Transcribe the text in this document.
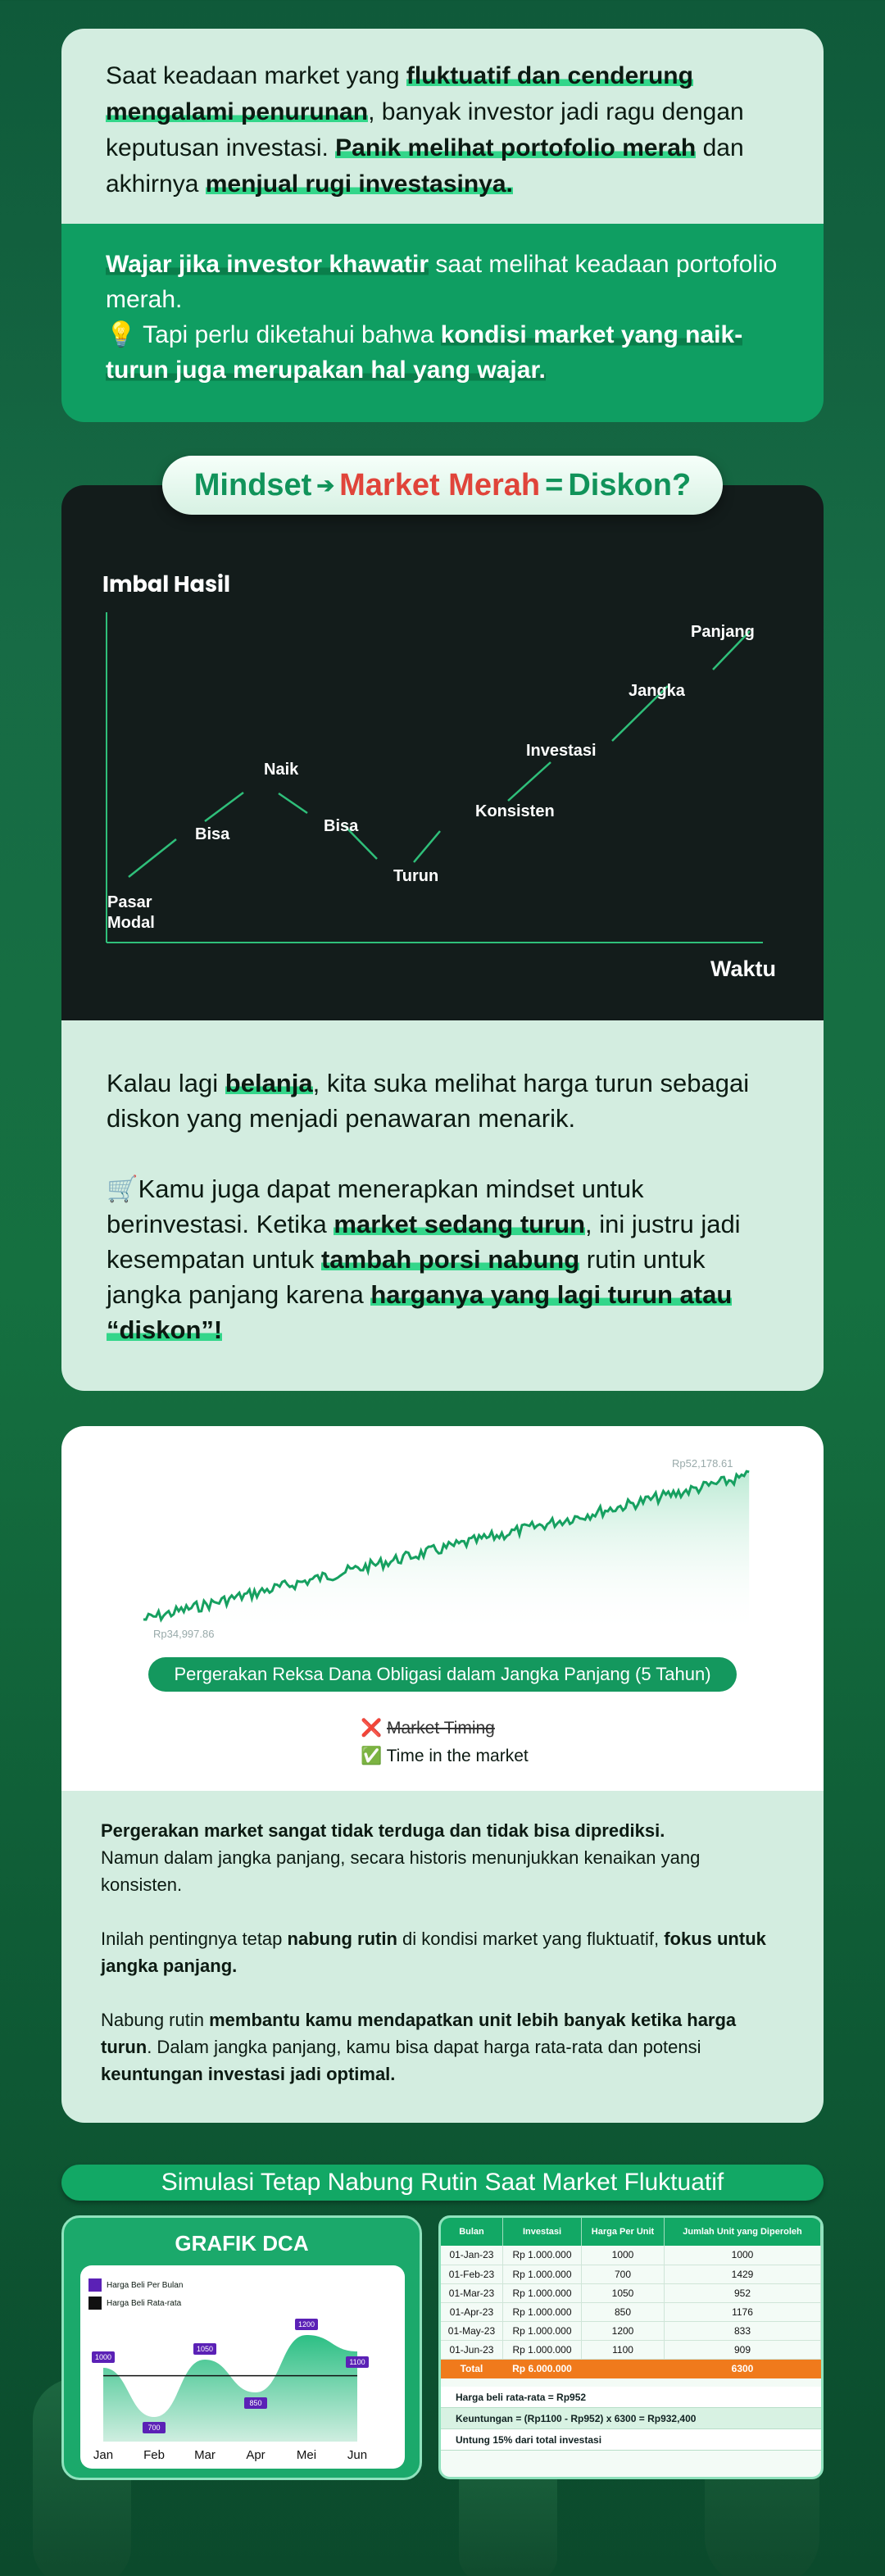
Saat keadaan market yang fluktuatif dan cenderung mengalami penurunan, banyak investor jadi ragu dengan keputusan investasi. Panik melihat portofolio merah dan akhirnya menjual rugi investasinya.
Wajar jika investor khawatir saat melihat keadaan portofolio merah.
💡 Tapi perlu diketahui bahwa kondisi market yang naik-turun juga merupakan hal yang wajar.
Mindset ➔ Market Merah = Diskon?
Imbal Hasil
Waktu
Pasar
Modal
Bisa
Naik
Bisa
Turun
Konsisten
Investasi
Jangka
Panjang
Kalau lagi belanja, kita suka melihat harga turun sebagai diskon yang menjadi penawaran menarik.
🛒Kamu juga dapat menerapkan mindset untuk berinvestasi. Ketika market sedang turun, ini justru jadi kesempatan untuk tambah porsi nabung rutin untuk jangka panjang karena harganya yang lagi turun atau “diskon”!
Rp52,178.61
Rp34,997.86
Pergerakan Reksa Dana Obligasi dalam Jangka Panjang (5 Tahun)
❌ Market Timing
✅ Time in the market
Pergerakan market sangat tidak terduga dan tidak bisa diprediksi.
Namun dalam jangka panjang, secara historis menunjukkan kenaikan yang konsisten.
Inilah pentingnya tetap nabung rutin di kondisi market yang fluktuatif, fokus untuk jangka panjang.
Nabung rutin membantu kamu mendapatkan unit lebih banyak ketika harga turun. Dalam jangka panjang, kamu bisa dapat harga rata-rata dan potensi keuntungan investasi jadi optimal.
Simulasi Tetap Nabung Rutin Saat Market Fluktuatif
GRAFIK DCA
Harga Beli Per Bulan
Harga Beli Rata-rata
1000
Jan
700
Feb
1050
Mar
850
Apr
1200
Mei
1100
Jun
Bulan	Investasi	Harga Per Unit	Jumlah Unit yang Diperoleh
01-Jan-23	Rp 1.000.000	1000	1000
01-Feb-23	Rp 1.000.000	700	1429
01-Mar-23	Rp 1.000.000	1050	952
01-Apr-23	Rp 1.000.000	850	1176
01-May-23	Rp 1.000.000	1200	833
01-Jun-23	Rp 1.000.000	1100	909
Total	Rp 6.000.000		6300
Harga beli rata-rata = Rp952
Keuntungan = (Rp1100 - Rp952) x 6300 = Rp932,400
Untung 15% dari total investasi
